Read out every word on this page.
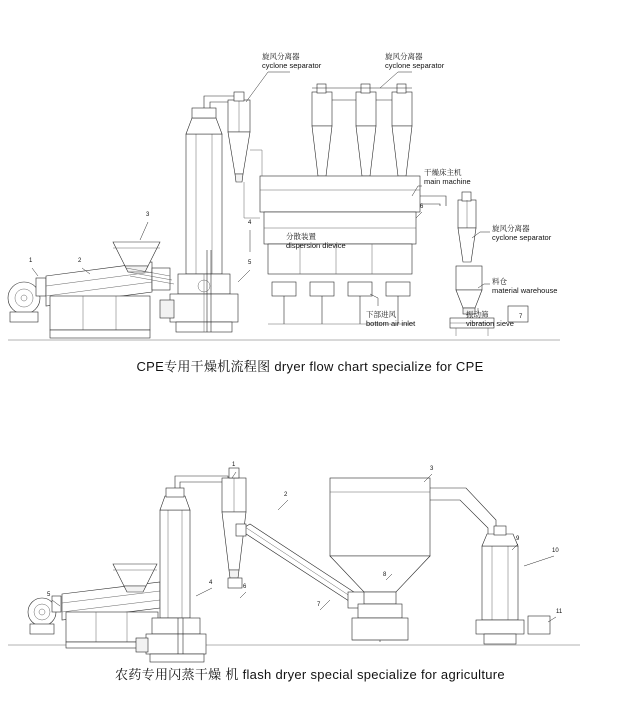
旋风分离器
cyclone separator
旋风分离器
cyclone separator
干燥床主机
main machine
旋风分离器
cyclone separator
分散装置
dispersion dievice
料仓
material warehouse
下部进风
bottom air inlet
振动筛
vibration sieve
1	2
3
4
5
6
7
CPE专用干燥机流程图 dryer flow chart specialize for CPE
1
2
3
4
5
6
7
8
9
10
11
农药专用闪蒸干燥 机 flash dryer special specialize for agriculture
